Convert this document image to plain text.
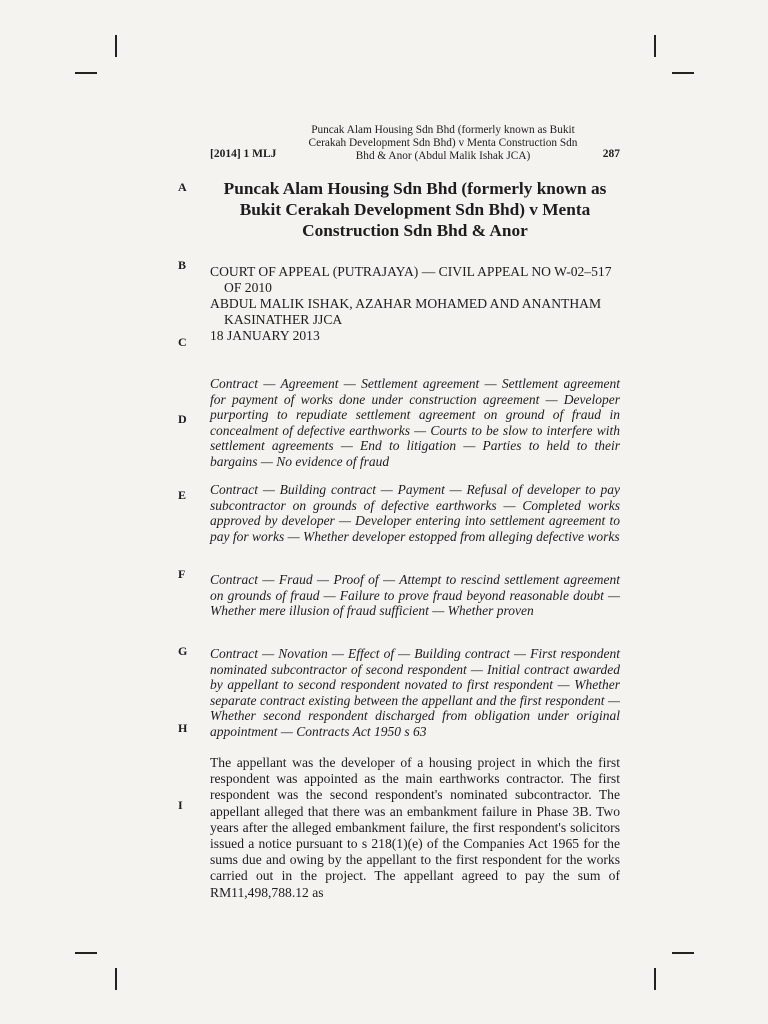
[2014] 1 MLJ
Puncak Alam Housing Sdn Bhd (formerly known as Bukit Cerakah Development Sdn Bhd) v Menta Construction Sdn Bhd & Anor (Abdul Malik Ishak JCA)	287
A
B
C
D
E
F
G
H
I
Puncak Alam Housing Sdn Bhd (formerly known as Bukit Cerakah Development Sdn Bhd) v Menta Construction Sdn Bhd & Anor
COURT OF APPEAL (PUTRAJAYA) — CIVIL APPEAL NO W-02–517
OF 2010
ABDUL MALIK ISHAK, AZAHAR MOHAMED AND ANANTHAM
KASINATHER JJCA
18 JANUARY 2013
Contract — Agreement — Settlement agreement — Settlement agreement for payment of works done under construction agreement — Developer purporting to repudiate settlement agreement on ground of fraud in concealment of defective earthworks — Courts to be slow to interfere with settlement agreements — End to litigation — Parties to held to their bargains — No evidence of fraud
Contract — Building contract — Payment — Refusal of developer to pay subcontractor on grounds of defective earthworks — Completed works approved by developer — Developer entering into settlement agreement to pay for works — Whether developer estopped from alleging defective works
Contract — Fraud — Proof of — Attempt to rescind settlement agreement on grounds of fraud — Failure to prove fraud beyond reasonable doubt — Whether mere illusion of fraud sufficient — Whether proven
Contract — Novation — Effect of — Building contract — First respondent nominated subcontractor of second respondent — Initial contract awarded by appellant to second respondent novated to first respondent — Whether separate contract existing between the appellant and the first respondent — Whether second respondent discharged from obligation under original appointment — Contracts Act 1950 s 63
The appellant was the developer of a housing project in which the first respondent was appointed as the main earthworks contractor. The first respondent was the second respondent's nominated subcontractor. The appellant alleged that there was an embankment failure in Phase 3B. Two years after the alleged embankment failure, the first respondent's solicitors issued a notice pursuant to s 218(1)(e) of the Companies Act 1965 for the sums due and owing by the appellant to the first respondent for the works carried out in the project. The appellant agreed to pay the sum of RM11,498,788.12 as
